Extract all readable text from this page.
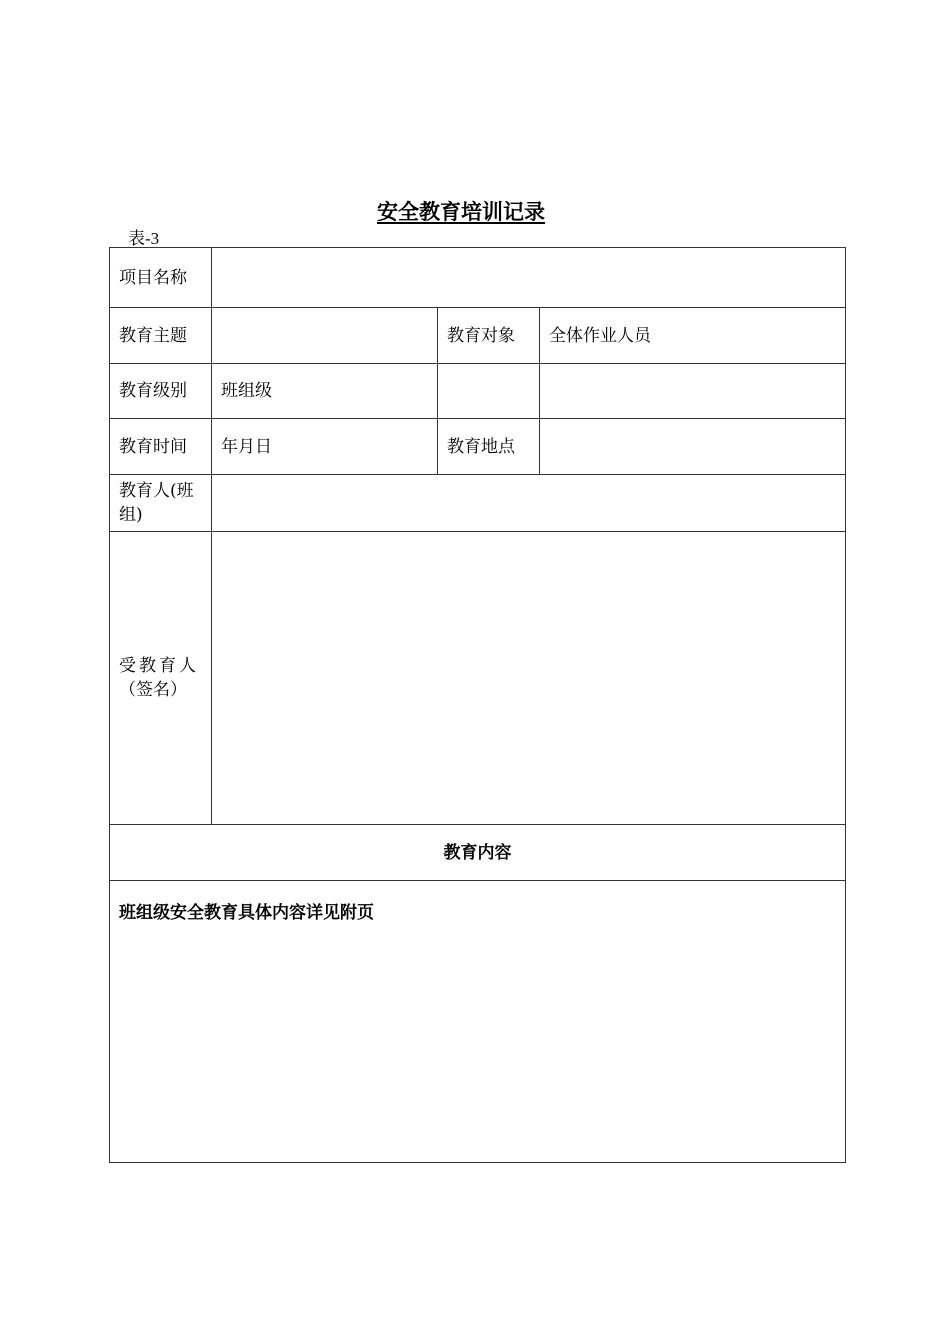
安全教育培训记录
表-3
项目名称			
教育主题		教育对象	全体作业人员
教育级别	班组级		
教育时间	年月日	教育地点	
教育人(班组)			

受教育人
（签名）			

教育内容			
班组级安全教育具体内容详见附页			
